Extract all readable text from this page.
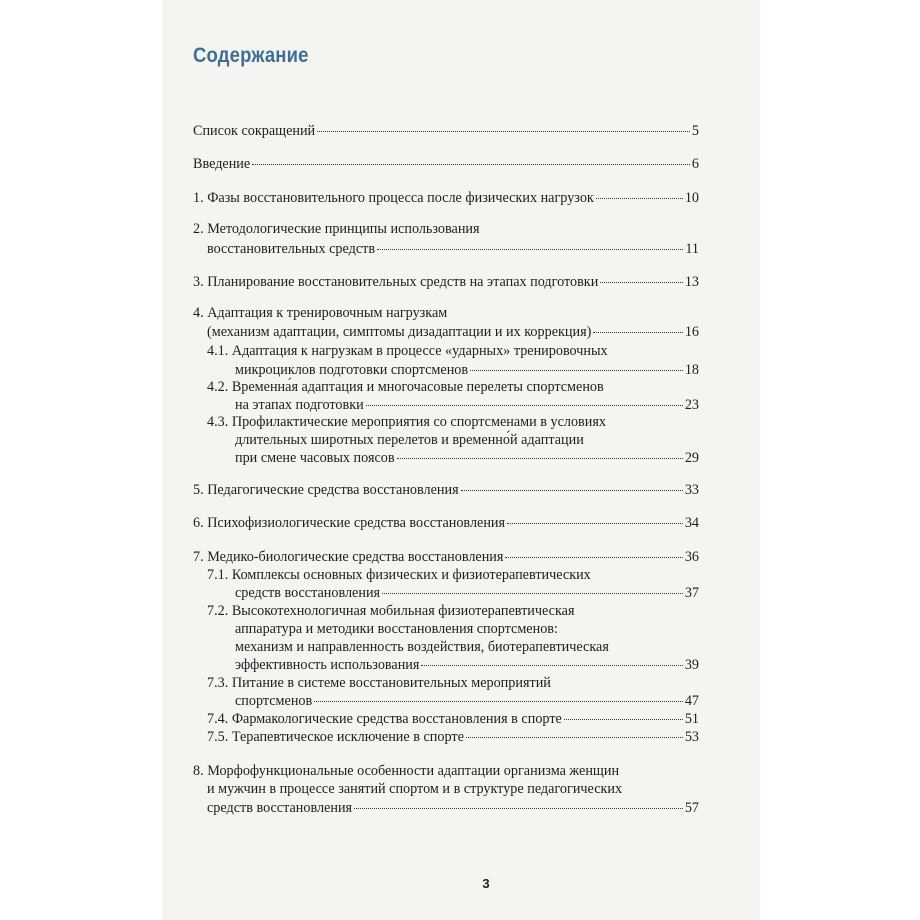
Содержание
Список сокращений	5
Введение	6
1. Фазы восстановительного процесса после физических нагрузок	10
2. Методологические принципы использования
восстановительных средств	11
3. Планирование восстановительных средств на этапах подготовки	13
4. Адаптация к тренировочным нагрузкам
(механизм адаптации, симптомы дизадаптации и их коррекция)	16
4.1. Адаптация к нагрузкам в процессе «ударных» тренировочных
микроциклов подготовки спортсменов	18
4.2. Временна́я адаптация и многочасовые перелеты спортсменов
на этапах подготовки	23
4.3. Профилактические мероприятия со спортсменами в условиях
длительных широтных перелетов и временно́й адаптации
при смене часовых поясов	29
5. Педагогические средства восстановления	33
6. Психофизиологические средства восстановления	34
7. Медико-биологические средства восстановления	36
7.1. Комплексы основных физических и физиотерапевтических
средств восстановления	37
7.2. Высокотехнологичная мобильная физиотерапевтическая
аппаратура и методики восстановления спортсменов:
механизм и направленность воздействия, биотерапевтическая
эффективность использования	39
7.3. Питание в системе восстановительных мероприятий
спортсменов	47
7.4. Фармакологические средства восстановления в спорте	51
7.5. Терапевтическое исключение в спорте	53
8. Морфофункциональные особенности адаптации организма женщин
и мужчин в процессе занятий спортом и в структуре педагогических
средств восстановления	57
3
